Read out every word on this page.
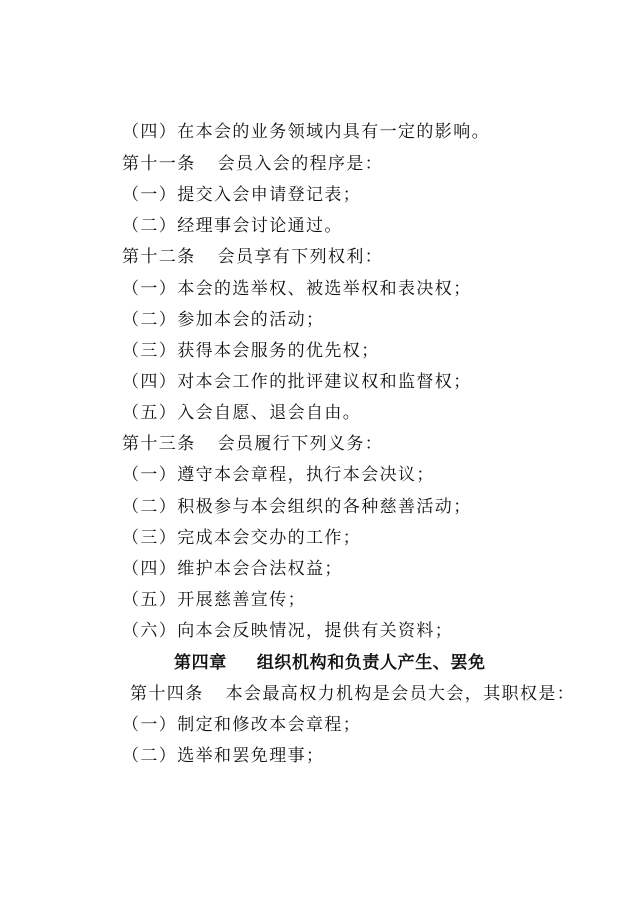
（四）在本会的业务领域内具有一定的影响。
第十一条 会员入会的程序是：
（一）提交入会申请登记表；
（二）经理事会讨论通过。
第十二条 会员享有下列权利：
（一）本会的选举权、被选举权和表决权；
（二）参加本会的活动；
（三）获得本会服务的优先权；
（四）对本会工作的批评建议权和监督权；
（五）入会自愿、退会自由。
第十三条 会员履行下列义务：
（一）遵守本会章程，执行本会决议；
（二）积极参与本会组织的各种慈善活动；
（三）完成本会交办的工作；
（四）维护本会合法权益；
（五）开展慈善宣传；
（六）向本会反映情况，提供有关资料；
第四章 组织机构和负责人产生、罢免
第十四条 本会最高权力机构是会员大会，其职权是：
（一）制定和修改本会章程；
（二）选举和罢免理事；
